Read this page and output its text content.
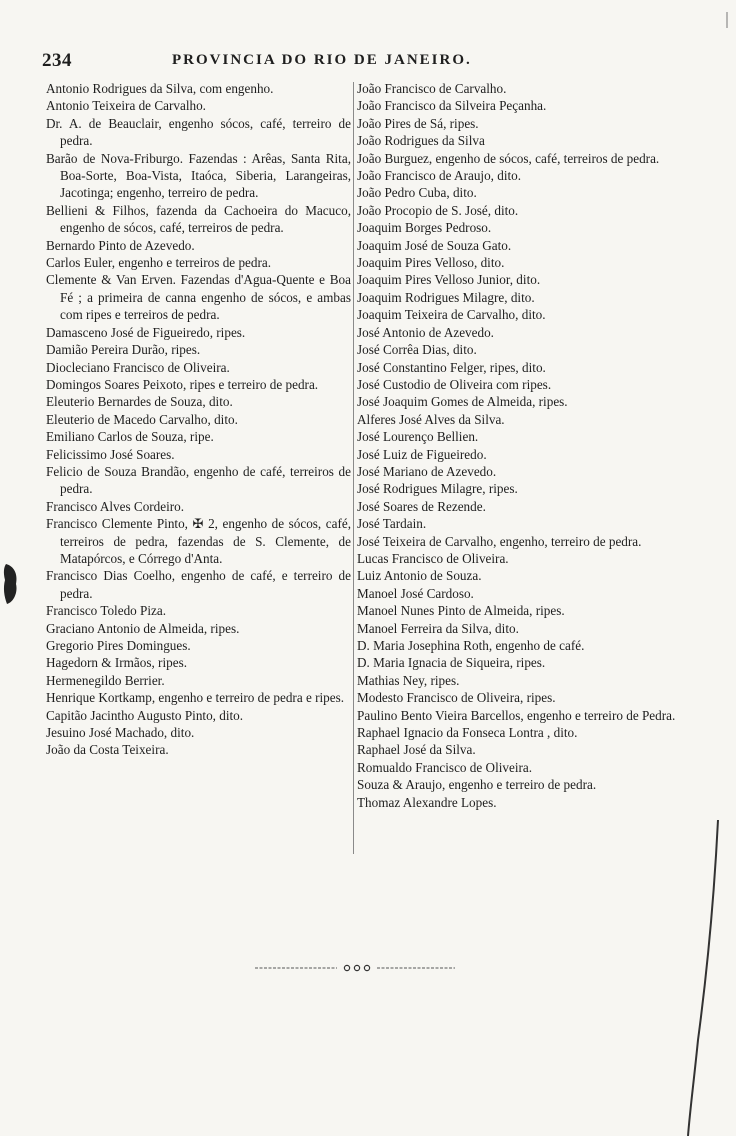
234	PROVINCIA DO RIO DE JANEIRO.
Antonio Rodrigues da Silva, com engenho.
Antonio Teixeira de Carvalho.
Dr. A. de Beauclair, engenho sócos, café, terreiro de pedra.
Barão de Nova-Friburgo. Fazendas : Arêas, Santa Rita, Boa-Sorte, Boa-Vista, Itaóca, Siberia, Larangeiras, Jacotinga; engenho, terreiro de pedra.
Bellieni & Filhos, fazenda da Cachoeira do Macuco, engenho de sócos, café, terreiros de pedra.
Bernardo Pinto de Azevedo.
Carlos Euler, engenho e terreiros de pedra.
Clemente & Van Erven. Fazendas d'Agua-Quente e Boa Fé ; a primeira de canna engenho de sócos, e ambas com ripes e terreiros de pedra.
Damasceno José de Figueiredo, ripes.
Damião Pereira Durão, ripes.
Diocleciano Francisco de Oliveira.
Domingos Soares Peixoto, ripes e terreiro de pedra.
Eleuterio Bernardes de Souza, dito.
Eleuterio de Macedo Carvalho, dito.
Emiliano Carlos de Souza, ripe.
Felicissimo José Soares.
Felicio de Souza Brandão, engenho de café, terreiros de pedra.
Francisco Alves Cordeiro.
Francisco Clemente Pinto, ✠ 2, engenho de sócos, café, terreiros de pedra, fazendas de S. Clemente, de Matapórcos, e Córrego d'Anta.
Francisco Dias Coelho, engenho de café, e terreiro de pedra.
Francisco Toledo Piza.
Graciano Antonio de Almeida, ripes.
Gregorio Pires Domingues.
Hagedorn & Irmãos, ripes.
Hermenegildo Berrier.
Henrique Kortkamp, engenho e terreiro de pedra e ripes.
Capitão Jacintho Augusto Pinto, dito.
Jesuino José Machado, dito.
João da Costa Teixeira.
João Francisco de Carvalho.
João Francisco da Silveira Peçanha.
João Pires de Sá, ripes.
João Rodrigues da Silva
João Burguez, engenho de sócos, café, terreiros de pedra.
João Francisco de Araujo, dito.
João Pedro Cuba, dito.
João Procopio de S. José, dito.
Joaquim Borges Pedroso.
Joaquim José de Souza Gato.
Joaquim Pires Velloso, dito.
Joaquim Pires Velloso Junior, dito.
Joaquim Rodrigues Milagre, dito.
Joaquim Teixeira de Carvalho, dito.
José Antonio de Azevedo.
José Corrêa Dias, dito.
José Constantino Felger, ripes, dito.
José Custodio de Oliveira com ripes.
José Joaquim Gomes de Almeida, ripes.
Alferes José Alves da Silva.
José Lourenço Bellien.
José Luiz de Figueiredo.
José Mariano de Azevedo.
José Rodrigues Milagre, ripes.
José Soares de Rezende.
José Tardain.
José Teixeira de Carvalho, engenho, terreiro de pedra.
Lucas Francisco de Oliveira.
Luiz Antonio de Souza.
Manoel José Cardoso.
Manoel Nunes Pinto de Almeida, ripes.
Manoel Ferreira da Silva, dito.
D. Maria Josephina Roth, engenho de café.
D. Maria Ignacia de Siqueira, ripes.
Mathias Ney, ripes.
Modesto Francisco de Oliveira, ripes.
Paulino Bento Vieira Barcellos, engenho e terreiro de Pedra.
Raphael Ignacio da Fonseca Lontra , dito.
Raphael José da Silva.
Romualdo Francisco de Oliveira.
Souza & Araujo, engenho e terreiro de pedra.
Thomaz Alexandre Lopes.
